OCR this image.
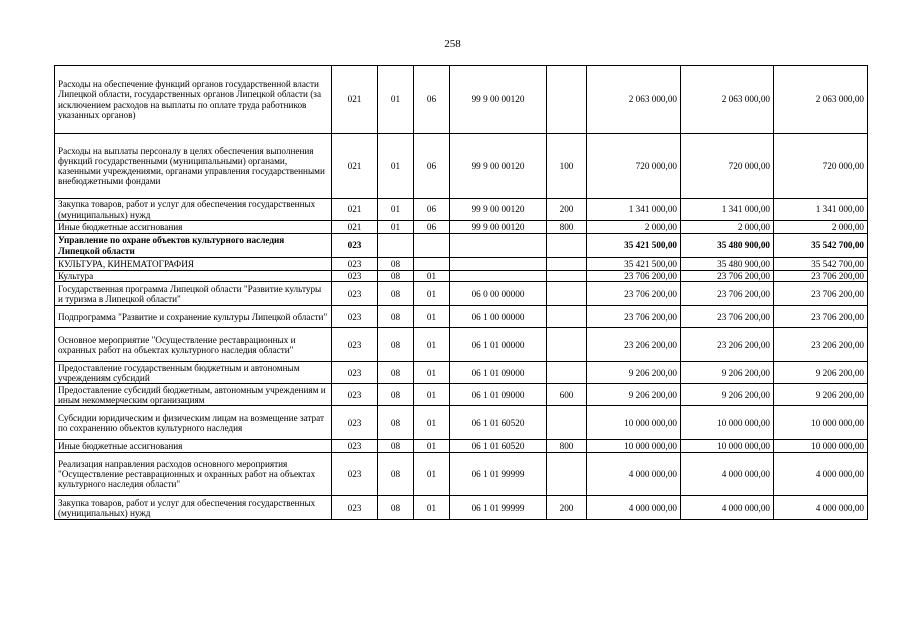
258
Расходы на обеспечение функций органов государственной власти Липецкой области, государственных органов Липецкой области (за исключением расходов на выплаты по оплате труда работников указанных органов)	021	01	06	99 9 00 00120		2 063 000,00	2 063 000,00	2 063 000,00
Расходы на выплаты персоналу в целях обеспечения выполнения функций государственными (муниципальными) органами, казенными учреждениями, органами управления государственными внебюджетными фондами	021	01	06	99 9 00 00120	100	720 000,00	720 000,00	720 000,00
Закупка товаров, работ и услуг для обеспечения государственных (муниципальных) нужд	021	01	06	99 9 00 00120	200	1 341 000,00	1 341 000,00	1 341 000,00
Иные бюджетные ассигнования	021	01	06	99 9 00 00120	800	2 000,00	2 000,00	2 000,00
Управление по охране объектов культурного наследия Липецкой области	023					35 421 500,00	35 480 900,00	35 542 700,00
КУЛЬТУРА, КИНЕМАТОГРАФИЯ	023	08				35 421 500,00	35 480 900,00	35 542 700,00
Культура	023	08	01			23 706 200,00	23 706 200,00	23 706 200,00
Государственная программа Липецкой области "Развитие культуры и туризма в Липецкой области"	023	08	01	06 0 00 00000		23 706 200,00	23 706 200,00	23 706 200,00
Подпрограмма "Развитие и сохранение культуры Липецкой области"	023	08	01	06 1 00 00000		23 706 200,00	23 706 200,00	23 706 200,00
Основное мероприятие "Осуществление реставрационных и охранных работ на объектах культурного наследия области"	023	08	01	06 1 01 00000		23 206 200,00	23 206 200,00	23 206 200,00
Предоставление государственным бюджетным и автономным учреждениям субсидий	023	08	01	06 1 01 09000		9 206 200,00	9 206 200,00	9 206 200,00
Предоставление субсидий бюджетным, автономным учреждениям и иным некоммерческим организациям	023	08	01	06 1 01 09000	600	9 206 200,00	9 206 200,00	9 206 200,00
Субсидии юридическим и физическим лицам на возмещение затрат по сохранению объектов культурного наследия	023	08	01	06 1 01 60520		10 000 000,00	10 000 000,00	10 000 000,00
Иные бюджетные ассигнования	023	08	01	06 1 01 60520	800	10 000 000,00	10 000 000,00	10 000 000,00
Реализация направления расходов основного мероприятия "Осуществление реставрационных и охранных работ на объектах культурного наследия области"	023	08	01	06 1 01 99999		4 000 000,00	4 000 000,00	4 000 000,00
Закупка товаров, работ и услуг для обеспечения государственных (муниципальных) нужд	023	08	01	06 1 01 99999	200	4 000 000,00	4 000 000,00	4 000 000,00
